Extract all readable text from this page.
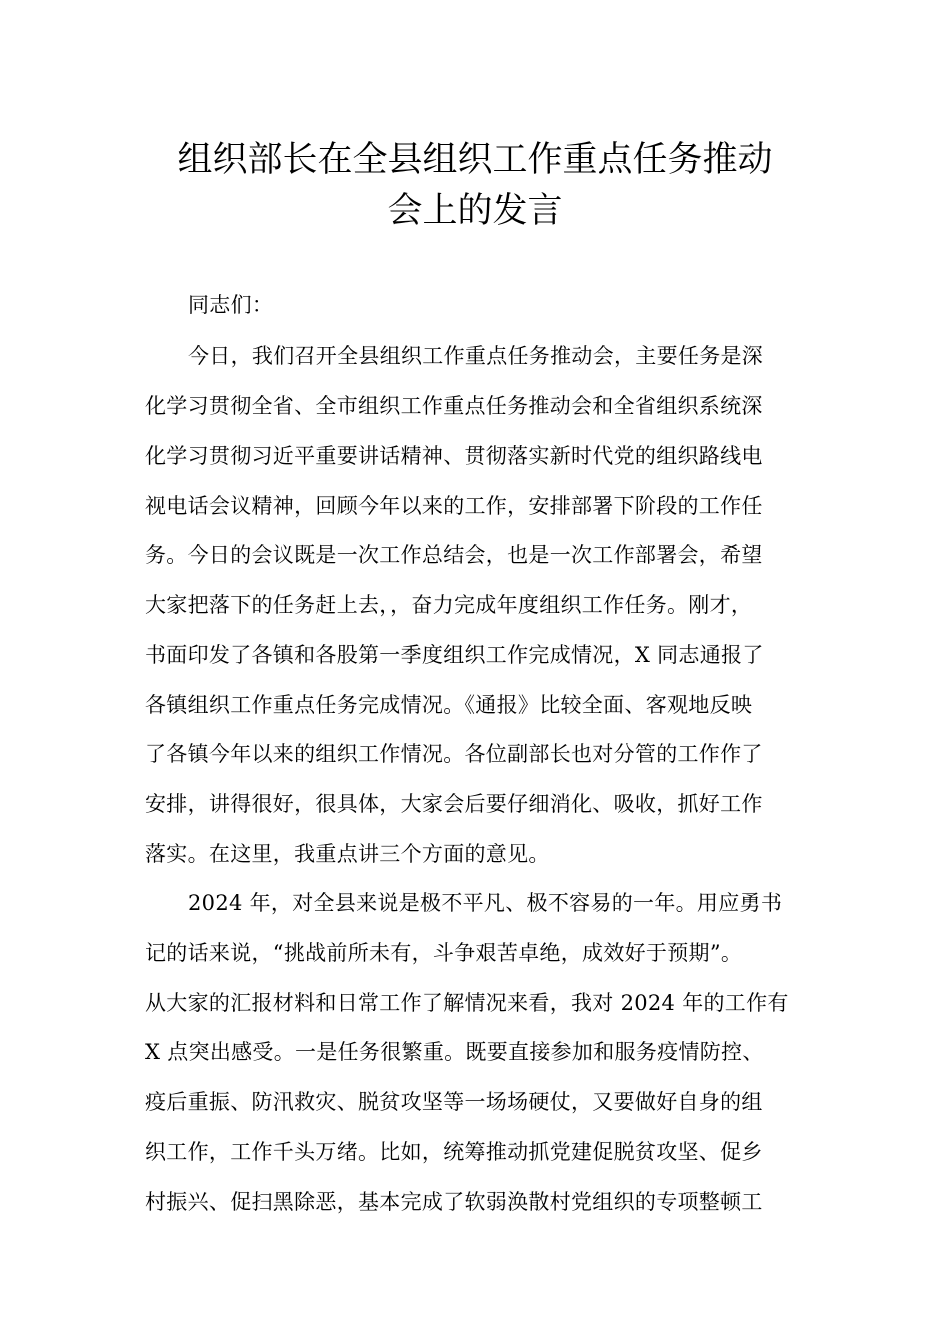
组织部长在全县组织工作重点任务推动
会上的发言
同志们：
今日，我们召开全县组织工作重点任务推动会，主要任务是深
化学习贯彻全省、全市组织工作重点任务推动会和全省组织系统深
化学习贯彻习近平重要讲话精神、贯彻落实新时代党的组织路线电
视电话会议精神，回顾今年以来的工作，安排部署下阶段的工作任
务。今日的会议既是一次工作总结会，也是一次工作部署会，希望
大家把落下的任务赶上去，，奋力完成年度组织工作任务。刚才，
书面印发了各镇和各股第一季度组织工作完成情况，X 同志通报了
各镇组织工作重点任务完成情况。《通报》比较全面、客观地反映
了各镇今年以来的组织工作情况。各位副部长也对分管的工作作了
安排，讲得很好，很具体，大家会后要仔细消化、吸收，抓好工作
落实。在这里，我重点讲三个方面的意见。
2024 年，对全县来说是极不平凡、极不容易的一年。用应勇书
记的话来说，“挑战前所未有，斗争艰苦卓绝，成效好于预期”。
从大家的汇报材料和日常工作了解情况来看，我对 2024 年的工作有
X 点突出感受。一是任务很繁重。既要直接参加和服务疫情防控、
疫后重振、防汛救灾、脱贫攻坚等一场场硬仗，又要做好自身的组
织工作，工作千头万绪。比如，统筹推动抓党建促脱贫攻坚、促乡
村振兴、促扫黑除恶，基本完成了软弱涣散村党组织的专项整顿工
